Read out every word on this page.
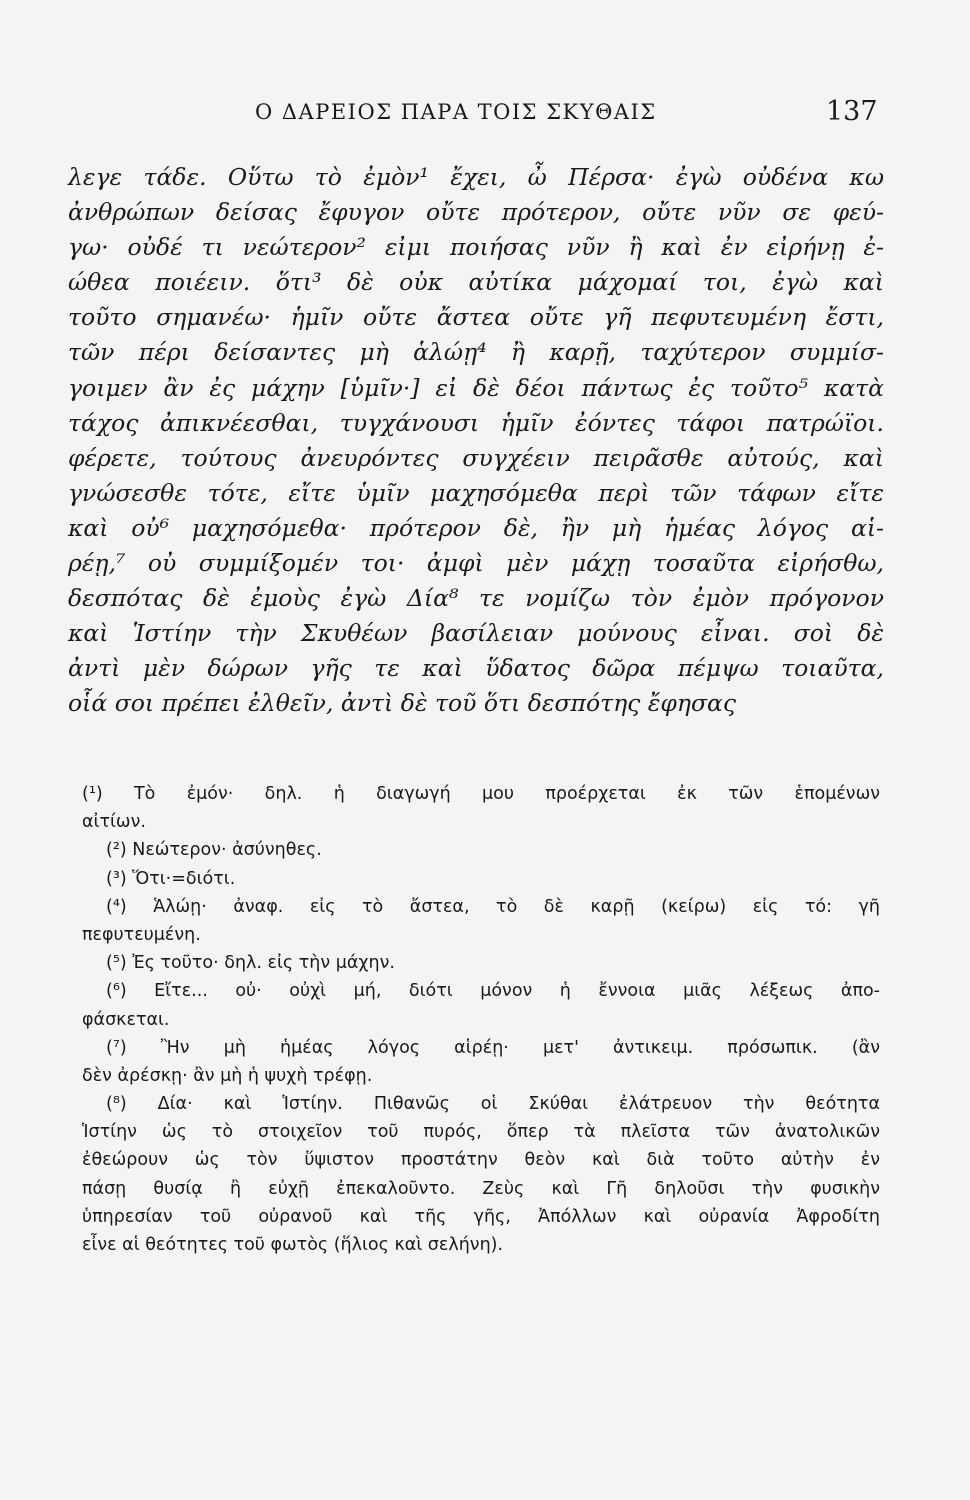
Ο ΔΑΡΕΙΟΣ ΠΑΡΑ ΤΟΙΣ ΣΚΥΘΑΙΣ	137
λεγε τάδε. Οὕτω τὸ ἐμὸν¹ ἔχει, ὦ Πέρσα· ἐγὼ οὐδένα κω
ἀνθρώπων δείσας ἔφυγον οὔτε πρότερον, οὔτε νῦν σε φεύ-
γω· οὐδέ τι νεώτερον² εἰμι ποιήσας νῦν ἢ καὶ ἐν εἰρήνῃ ἐ-
ώθεα ποιέειν. ὅτι³ δὲ οὐκ αὐτίκα μάχομαί τοι, ἐγὼ καὶ
τοῦτο σημανέω· ἡμῖν οὔτε ἄστεα οὔτε γῆ πεφυτευμένη ἔστι,
τῶν πέρι δείσαντες μὴ ἁλώῃ⁴ ἢ καρῇ, ταχύτερον συμμίσ-
γοιμεν ἂν ἐς μάχην [ὑμῖν·] εἰ δὲ δέοι πάντως ἐς τοῦτο⁵ κατὰ
τάχος ἀπικνέεσθαι, τυγχάνουσι ἡμῖν ἐόντες τάφοι πατρώϊοι.
φέρετε, τούτους ἀνευρόντες συγχέειν πειρᾶσθε αὐτούς, καὶ
γνώσεσθε τότε, εἴτε ὑμῖν μαχησόμεθα περὶ τῶν τάφων εἴτε
καὶ οὐ⁶ μαχησόμεθα· πρότερον δὲ, ἢν μὴ ἡμέας λόγος αἱ-
ρέῃ,⁷ οὐ συμμίξομέν τοι· ἀμφὶ μὲν μάχῃ τοσαῦτα εἰρήσθω,
δεσπότας δὲ ἐμοὺς ἐγὼ Δία⁸ τε νομίζω τὸν ἐμὸν πρόγονον
καὶ Ἱστίην τὴν Σκυθέων βασίλειαν μούνους εἶναι. σοὶ δὲ
ἀντὶ μὲν δώρων γῆς τε καὶ ὕδατος δῶρα πέμψω τοιαῦτα,
οἷά σοι πρέπει ἐλθεῖν, ἀντὶ δὲ τοῦ ὅτι δεσπότης ἔφησας
(¹) Τὸ ἐμόν· δηλ. ἡ διαγωγή μου προέρχεται ἐκ τῶν ἑπομένων
αἰτίων.
(²) Νεώτερον· ἀσύνηθες.
(³) Ὅτι·=διότι.
(⁴) Ἁλώῃ· ἀναφ. εἰς τὸ ἄστεα, τὸ δὲ καρῇ (κείρω) εἰς τό: γῆ
πεφυτευμένη.
(⁵) Ἐς τοῦτο· δηλ. εἰς τὴν μάχην.
(⁶) Εἴτε... οὐ· οὐχὶ μή, διότι μόνον ἡ ἔννοια μιᾶς λέξεως ἀπο-
φάσκεται.
(⁷) Ἢν μὴ ἡμέας λόγος αἱρέῃ· μετ' ἀντικειμ. πρόσωπικ. (ἂν
δὲν ἀρέσκῃ· ἂν μὴ ἡ ψυχὴ τρέφῃ.
(⁸) Δία· καὶ Ἱστίην. Πιθανῶς οἱ Σκύθαι ἐλάτρευον τὴν θεότητα
Ἱστίην ὡς τὸ στοιχεῖον τοῦ πυρός, ὅπερ τὰ πλεῖστα τῶν ἀνατολικῶν
ἐθεώρουν ὡς τὸν ὕψιστον προστάτην θεὸν καὶ διὰ τοῦτο αὐτὴν ἐν
πάσῃ θυσίᾳ ἢ εὐχῇ ἐπεκαλοῦντο. Ζεὺς καὶ Γῆ δηλοῦσι τὴν φυσικὴν
ὑπηρεσίαν τοῦ οὐρανοῦ καὶ τῆς γῆς, Ἀπόλλων καὶ οὐρανία Ἀφροδίτη
εἶνε αἱ θεότητες τοῦ φωτὸς (ἥλιος καὶ σελήνη).
